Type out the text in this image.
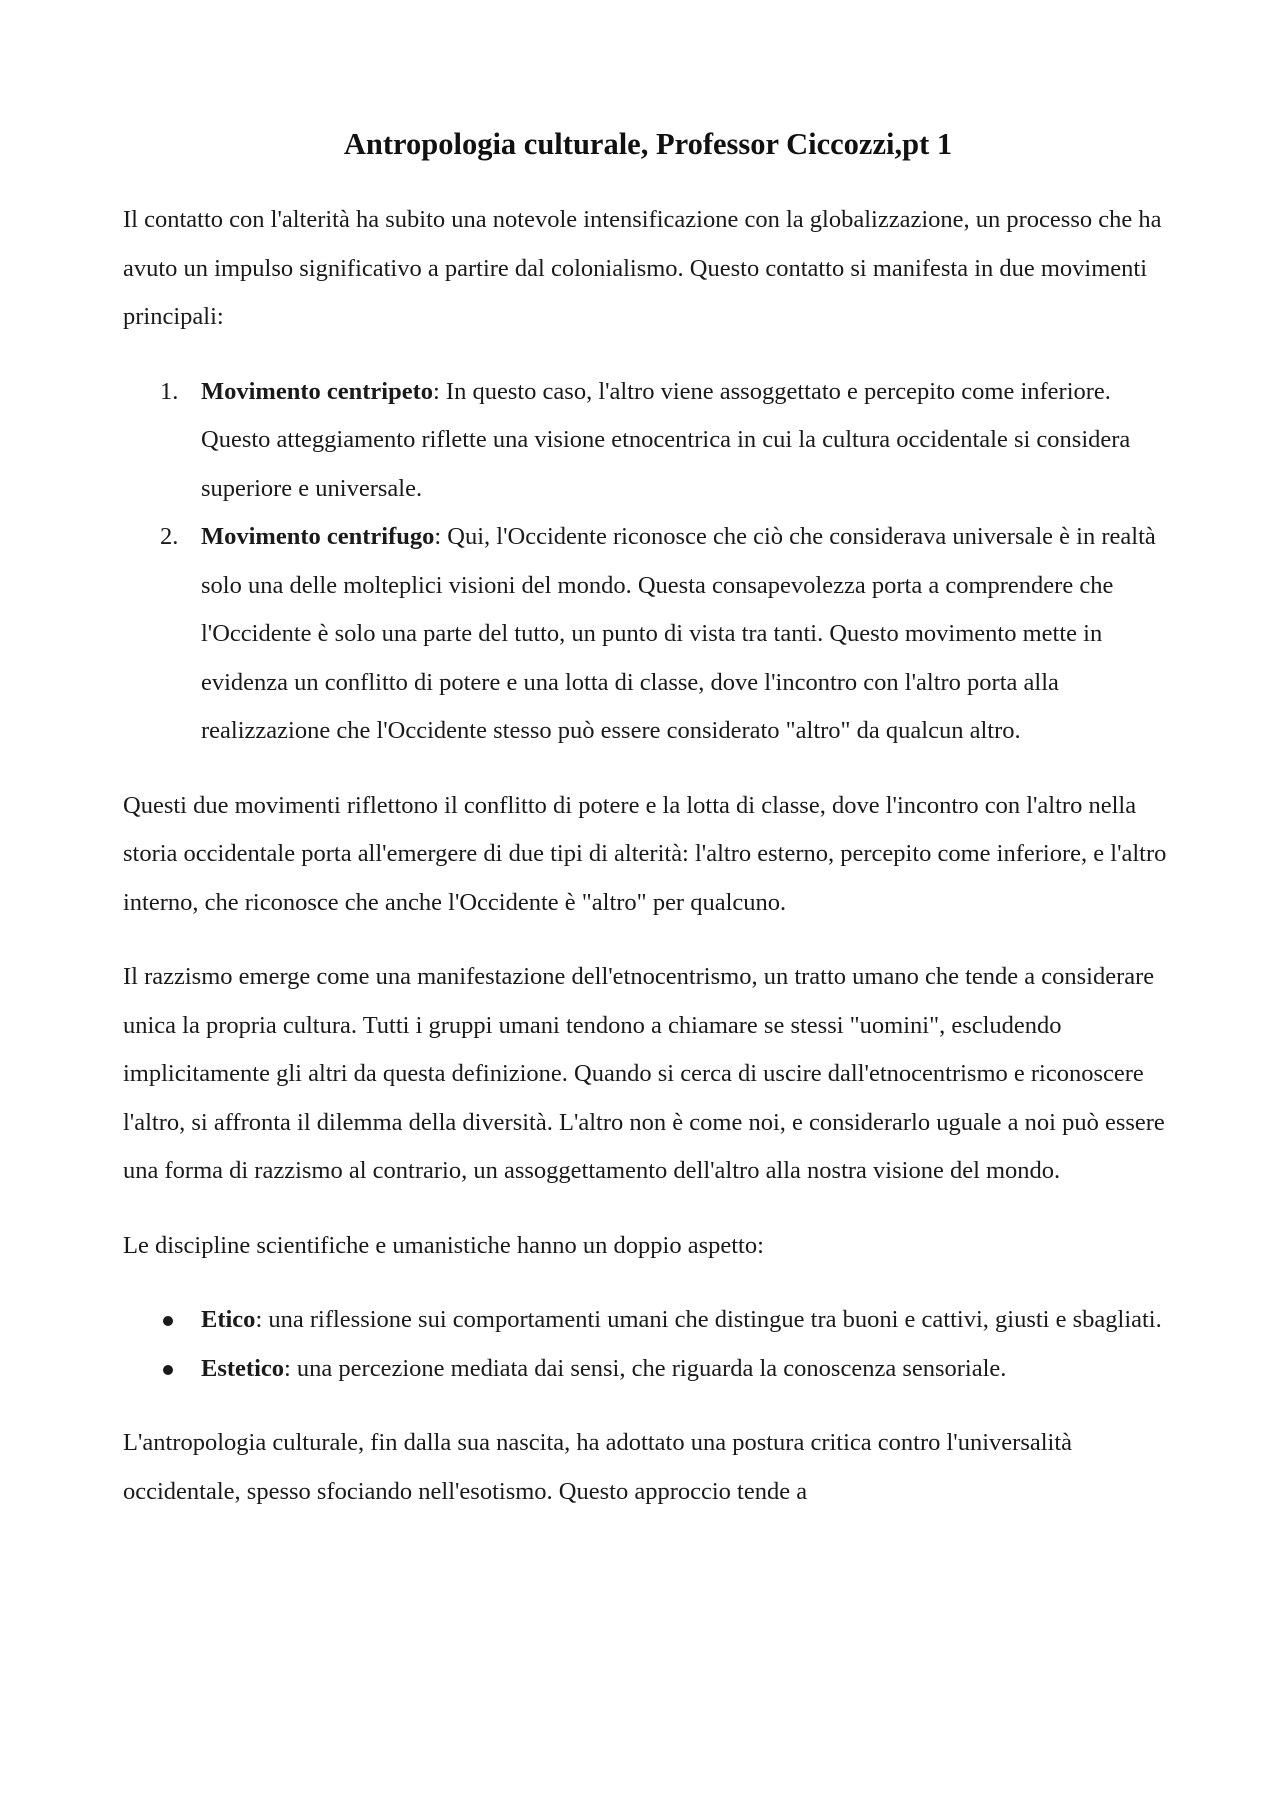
Antropologia culturale, Professor Ciccozzi,pt 1

Il contatto con l'alterità ha subito una notevole intensificazione con la globalizzazione, un processo che ha avuto un impulso significativo a partire dal colonialismo. Questo contatto si manifesta in due movimenti principali:

1. Movimento centripeto: In questo caso, l'altro viene assoggettato e percepito come inferiore. Questo atteggiamento riflette una visione etnocentrica in cui la cultura occidentale si considera superiore e universale.
2. Movimento centrifugo: Qui, l'Occidente riconosce che ciò che considerava universale è in realtà solo una delle molteplici visioni del mondo. Questa consapevolezza porta a comprendere che l'Occidente è solo una parte del tutto, un punto di vista tra tanti. Questo movimento mette in evidenza un conflitto di potere e una lotta di classe, dove l'incontro con l'altro porta alla realizzazione che l'Occidente stesso può essere considerato "altro" da qualcun altro.

Questi due movimenti riflettono il conflitto di potere e la lotta di classe, dove l'incontro con l'altro nella storia occidentale porta all'emergere di due tipi di alterità: l'altro esterno, percepito come inferiore, e l'altro interno, che riconosce che anche l'Occidente è "altro" per qualcuno.

Il razzismo emerge come una manifestazione dell'etnocentrismo, un tratto umano che tende a considerare unica la propria cultura. Tutti i gruppi umani tendono a chiamare se stessi "uomini", escludendo implicitamente gli altri da questa definizione. Quando si cerca di uscire dall'etnocentrismo e riconoscere l'altro, si affronta il dilemma della diversità. L'altro non è come noi, e considerarlo uguale a noi può essere una forma di razzismo al contrario, un assoggettamento dell'altro alla nostra visione del mondo.

Le discipline scientifiche e umanistiche hanno un doppio aspetto:

Etico: una riflessione sui comportamenti umani che distingue tra buoni e cattivi, giusti e sbagliati.
Estetico: una percezione mediata dai sensi, che riguarda la conoscenza sensoriale.

L'antropologia culturale, fin dalla sua nascita, ha adottato una postura critica contro l'universalità occidentale, spesso sfociando nell'esotismo. Questo approccio tende a
